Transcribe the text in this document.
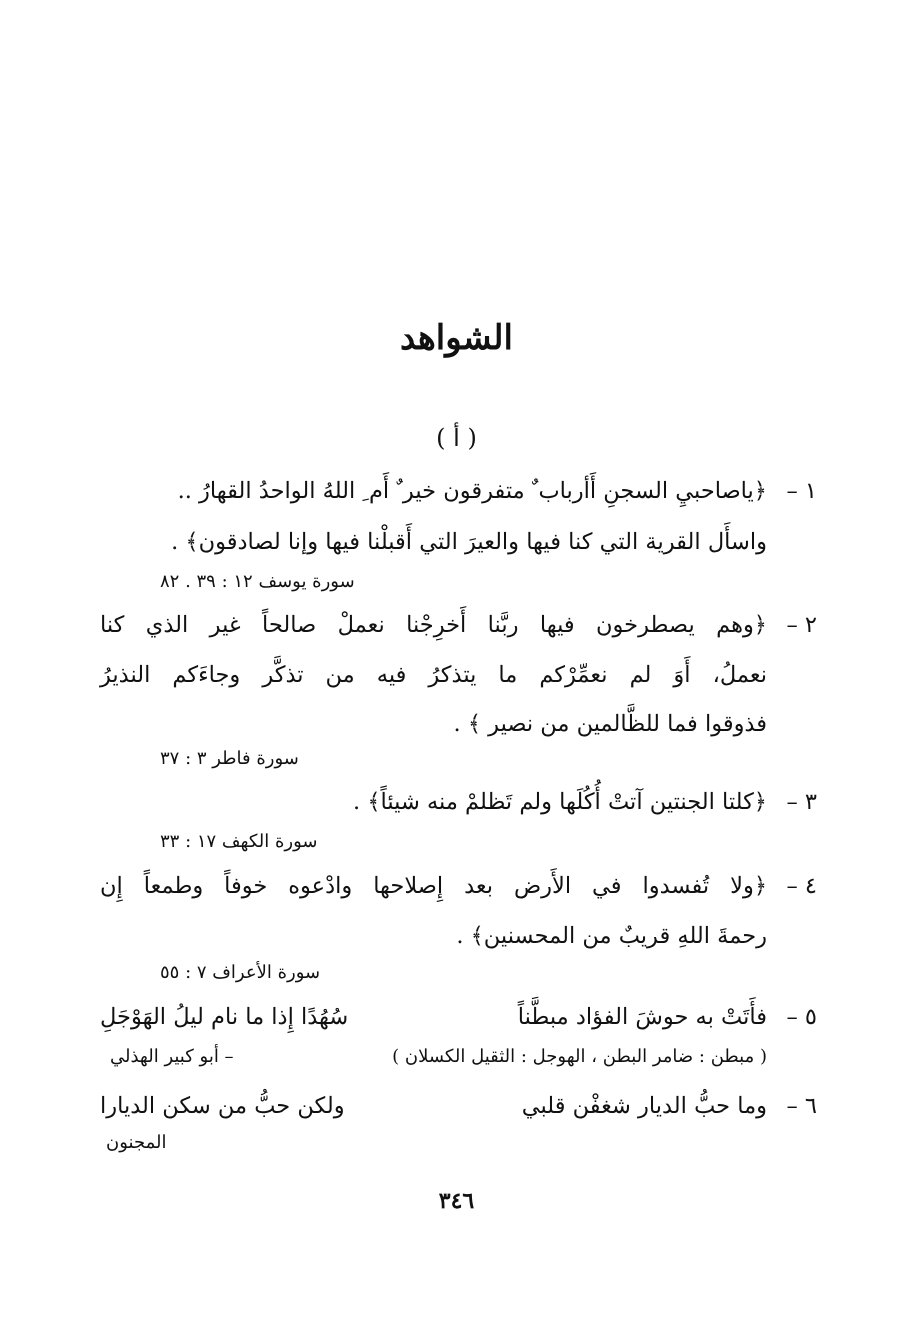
الشواهد
( أ )
١ –
﴿ياصاحبيِ السجنِ أَأرباب ٌ متفرقون خير ٌ أَم ِ اللهُ الواحدُ القهارُ ..
واسأَل القرية التي كنا فيها والعيرَ التي أَقبلْنا فيها وإنا لصادقون﴾ .
سورة يوسف ١٢ : ٣٩ . ٨٢
٢ –
﴿وهم يصطرخون فيها ربَّنا أَخرِجْنا نعملْ صالحاً غير الذي كنا
نعملُ، أَوَ لم نعمِّرْكم ما يتذكرُ فيه من تذكَّر وجاءَكم النذيرُ
فذوقوا فما للظَّالمين من نصير ﴾ .
سورة فاطر ٣ : ٣٧
٣ –
﴿كلتا الجنتين آتتْ أُكُلَها ولم تَظلمْ منه شيئاً﴾ .
سورة الكهف ١٧ : ٣٣
٤ –
﴿ولا تُفسدوا في الأَرض بعد إِصلاحها وادْعوه خوفاً وطمعاً إِن
رحمةَ اللهِ قريبٌ من المحسنين﴾ .
سورة الأعراف ٧ : ٥٥
٥ –
فأَتَتْ به حوشَ الفؤاد مبطَّناً
سُهُدًا إِذا ما نام ليلُ الهَوْجَلِ
( مبطن : ضامر البطن ، الهوجل : الثقيل الكسلان )
– أبو كبير الهذلي
٦ –
وما حبُّ الديار شغفْن قلبي
ولكن حبُّ من سكن الديارا
المجنون
٣٤٦
